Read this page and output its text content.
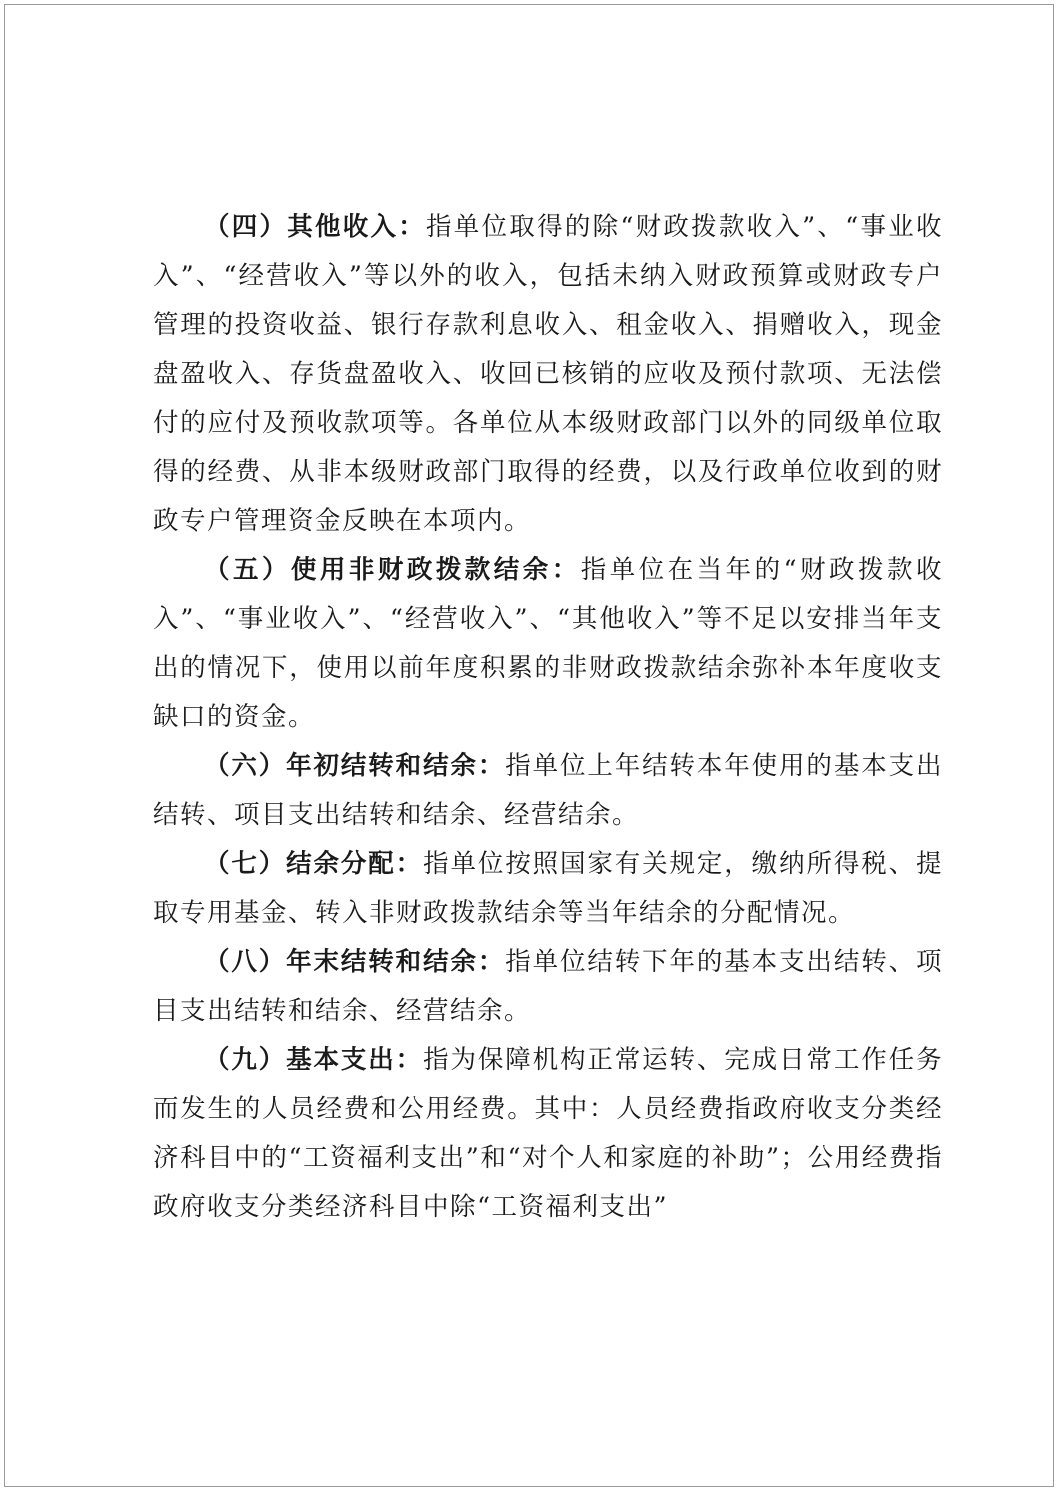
（四）其他收入：指单位取得的除“财政拨款收入”、“事业收入”、“经营收入”等以外的收入，包括未纳入财政预算或财政专户管理的投资收益、银行存款利息收入、租金收入、捐赠收入，现金盘盈收入、存货盘盈收入、收回已核销的应收及预付款项、无法偿付的应付及预收款项等。各单位从本级财政部门以外的同级单位取得的经费、从非本级财政部门取得的经费，以及行政单位收到的财政专户管理资金反映在本项内。

（五）使用非财政拨款结余：指单位在当年的“财政拨款收入”、“事业收入”、“经营收入”、“其他收入”等不足以安排当年支出的情况下，使用以前年度积累的非财政拨款结余弥补本年度收支缺口的资金。

（六）年初结转和结余：指单位上年结转本年使用的基本支出结转、项目支出结转和结余、经营结余。

（七）结余分配：指单位按照国家有关规定，缴纳所得税、提取专用基金、转入非财政拨款结余等当年结余的分配情况。

（八）年末结转和结余：指单位结转下年的基本支出结转、项目支出结转和结余、经营结余。

（九）基本支出：指为保障机构正常运转、完成日常工作任务而发生的人员经费和公用经费。其中：人员经费指政府收支分类经济科目中的“工资福利支出”和“对个人和家庭的补助”；公用经费指政府收支分类经济科目中除“工资福利支出”
